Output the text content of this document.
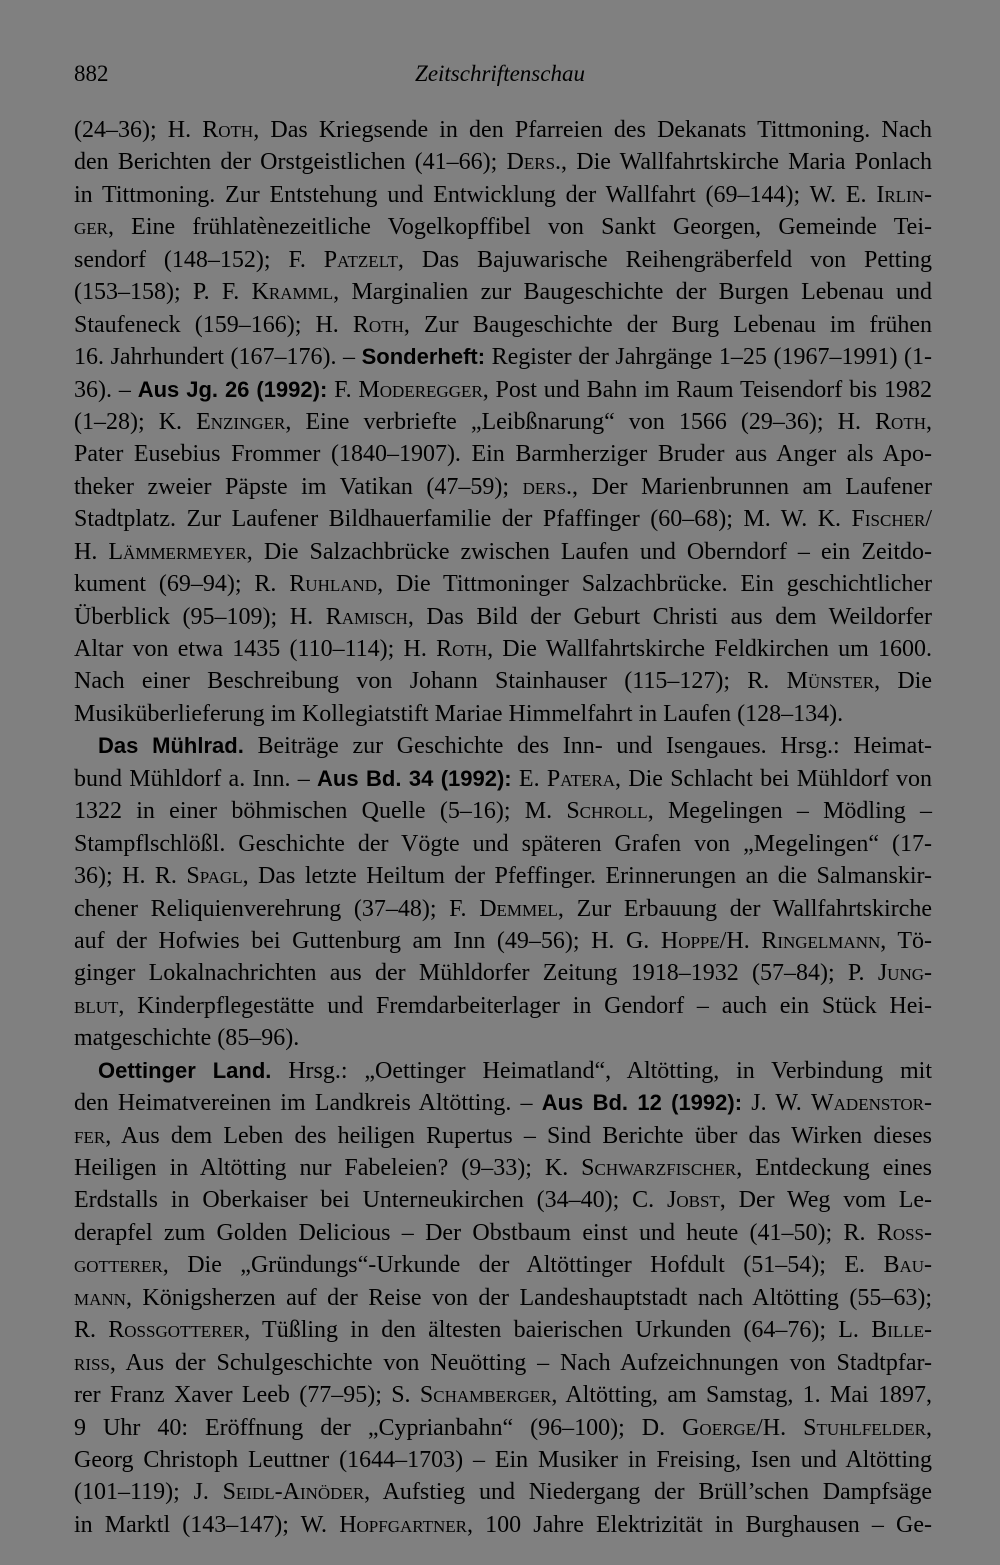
882	Zeitschriftenschau
(24–36); H. Roth, Das Kriegsende in den Pfarreien des Dekanats Tittmoning. Nach
den Berichten der Orstgeistlichen (41–66); Ders., Die Wallfahrtskirche Maria Ponlach
in Tittmoning. Zur Entstehung und Entwicklung der Wallfahrt (69–144); W. E. Irlin-
ger, Eine frühlatènezeitliche Vogelkopffibel von Sankt Georgen, Gemeinde Tei-
sendorf (148–152); F. Patzelt, Das Bajuwarische Reihengräberfeld von Petting
(153–158); P. F. Kramml, Marginalien zur Baugeschichte der Burgen Lebenau und
Staufeneck (159–166); H. Roth, Zur Baugeschichte der Burg Lebenau im frühen
16. Jahrhundert (167–176). – Sonderheft: Register der Jahrgänge 1–25 (1967–1991) (1-
36). – Aus Jg. 26 (1992): F. Moderegger, Post und Bahn im Raum Teisendorf bis 1982
(1–28); K. Enzinger, Eine verbriefte „Leibßnarung“ von 1566 (29–36); H. Roth,
Pater Eusebius Frommer (1840–1907). Ein Barmherziger Bruder aus Anger als Apo-
theker zweier Päpste im Vatikan (47–59); ders., Der Marienbrunnen am Laufener
Stadtplatz. Zur Laufener Bildhauerfamilie der Pfaffinger (60–68); M. W. K. Fischer/
H. Lämmermeyer, Die Salzachbrücke zwischen Laufen und Oberndorf – ein Zeitdo-
kument (69–94); R. Ruhland, Die Tittmoninger Salzachbrücke. Ein geschichtlicher
Überblick (95–109); H. Ramisch, Das Bild der Geburt Christi aus dem Weildorfer
Altar von etwa 1435 (110–114); H. Roth, Die Wallfahrtskirche Feldkirchen um 1600.
Nach einer Beschreibung von Johann Stainhauser (115–127); R. Münster, Die
Musiküberlieferung im Kollegiatstift Mariae Himmelfahrt in Laufen (128–134).
Das Mühlrad. Beiträge zur Geschichte des Inn- und Isengaues. Hrsg.: Heimat-
bund Mühldorf a. Inn. – Aus Bd. 34 (1992): E. Patera, Die Schlacht bei Mühldorf von
1322 in einer böhmischen Quelle (5–16); M. Schroll, Megelingen – Mödling –
Stampflschlößl. Geschichte der Vögte und späteren Grafen von „Megelingen“ (17-
36); H. R. Spagl, Das letzte Heiltum der Pfeffinger. Erinnerungen an die Salmanskir-
chener Reliquienverehrung (37–48); F. Demmel, Zur Erbauung der Wallfahrtskirche
auf der Hofwies bei Guttenburg am Inn (49–56); H. G. Hoppe/H. Ringelmann, Tö-
ginger Lokalnachrichten aus der Mühldorfer Zeitung 1918–1932 (57–84); P. Jung-
blut, Kinderpflegestätte und Fremdarbeiterlager in Gendorf – auch ein Stück Hei-
matgeschichte (85–96).
Oettinger Land. Hrsg.: „Oettinger Heimatland“, Altötting, in Verbindung mit
den Heimatvereinen im Landkreis Altötting. – Aus Bd. 12 (1992): J. W. Wadenstor-
fer, Aus dem Leben des heiligen Rupertus – Sind Berichte über das Wirken dieses
Heiligen in Altötting nur Fabeleien? (9–33); K. Schwarzfischer, Entdeckung eines
Erdstalls in Oberkaiser bei Unterneukirchen (34–40); C. Jobst, Der Weg vom Le-
derapfel zum Golden Delicious – Der Obstbaum einst und heute (41–50); R. Ross-
gotterer, Die „Gründungs“-Urkunde der Altöttinger Hofdult (51–54); E. Bau-
mann, Königsherzen auf der Reise von der Landeshauptstadt nach Altötting (55–63);
R. Rossgotterer, Tüßling in den ältesten baierischen Urkunden (64–76); L. Bille-
riss, Aus der Schulgeschichte von Neuötting – Nach Aufzeichnungen von Stadtpfar-
rer Franz Xaver Leeb (77–95); S. Schamberger, Altötting, am Samstag, 1. Mai 1897,
9 Uhr 40: Eröffnung der „Cyprianbahn“ (96–100); D. Goerge/H. Stuhlfelder,
Georg Christoph Leuttner (1644–1703) – Ein Musiker in Freising, Isen und Altötting
(101–119); J. Seidl-Ainöder, Aufstieg und Niedergang der Brüll’schen Dampfsäge
in Marktl (143–147); W. Hopfgartner, 100 Jahre Elektrizität in Burghausen – Ge-
